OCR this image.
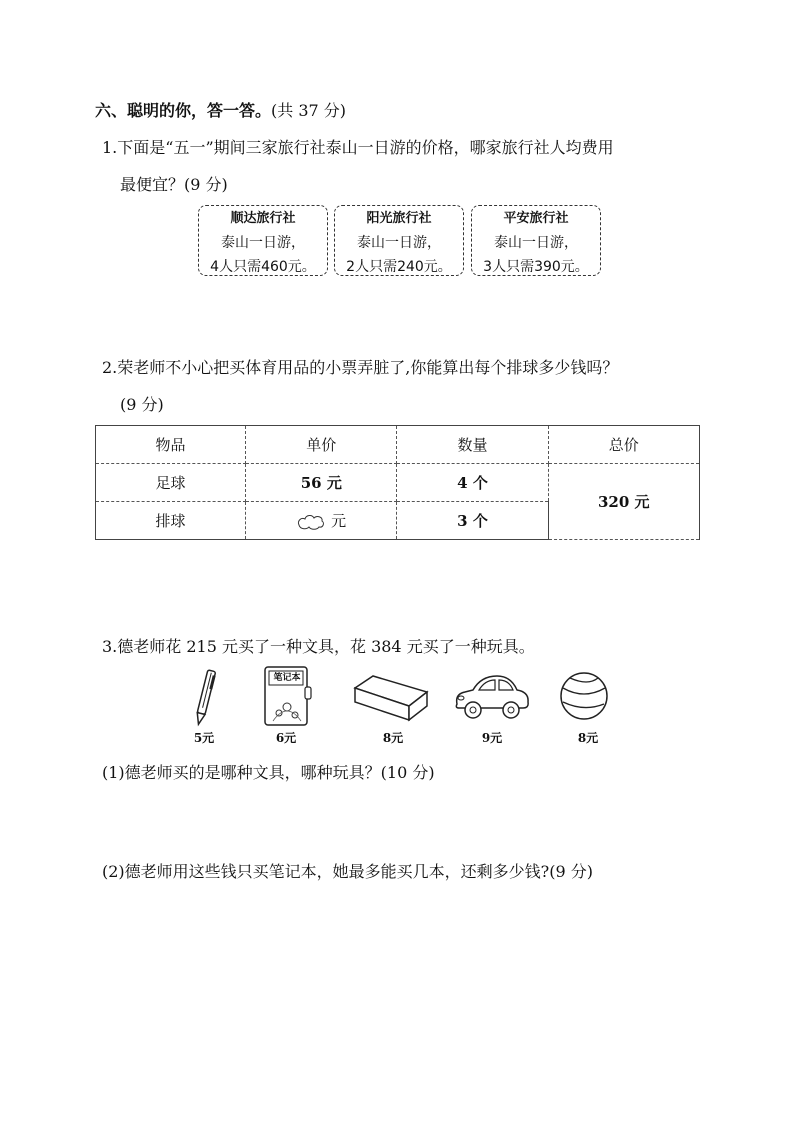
六、聪明的你，答一答。(共 37 分)
1.下面是“五一”期间三家旅行社泰山一日游的价格，哪家旅行社人均费用
最便宜？(9 分)
顺达旅行社
泰山一日游，
4人只需460元。
阳光旅行社
泰山一日游，
2人只需240元。
平安旅行社
泰山一日游，
3人只需390元。
2.荣老师不小心把买体育用品的小票弄脏了,你能算出每个排球多少钱吗？
(9 分)
物品	单价	数量	总价
足球	56 元	4 个	320 元
排球	元	3 个	
3.德老师花 215 元买了一种文具，花 384 元买了一种玩具。
5元
笔记本
6元	8元	9元	8元
(1)德老师买的是哪种文具，哪种玩具？(10 分)
(2)德老师用这些钱只买笔记本，她最多能买几本，还剩多少钱?(9 分)
